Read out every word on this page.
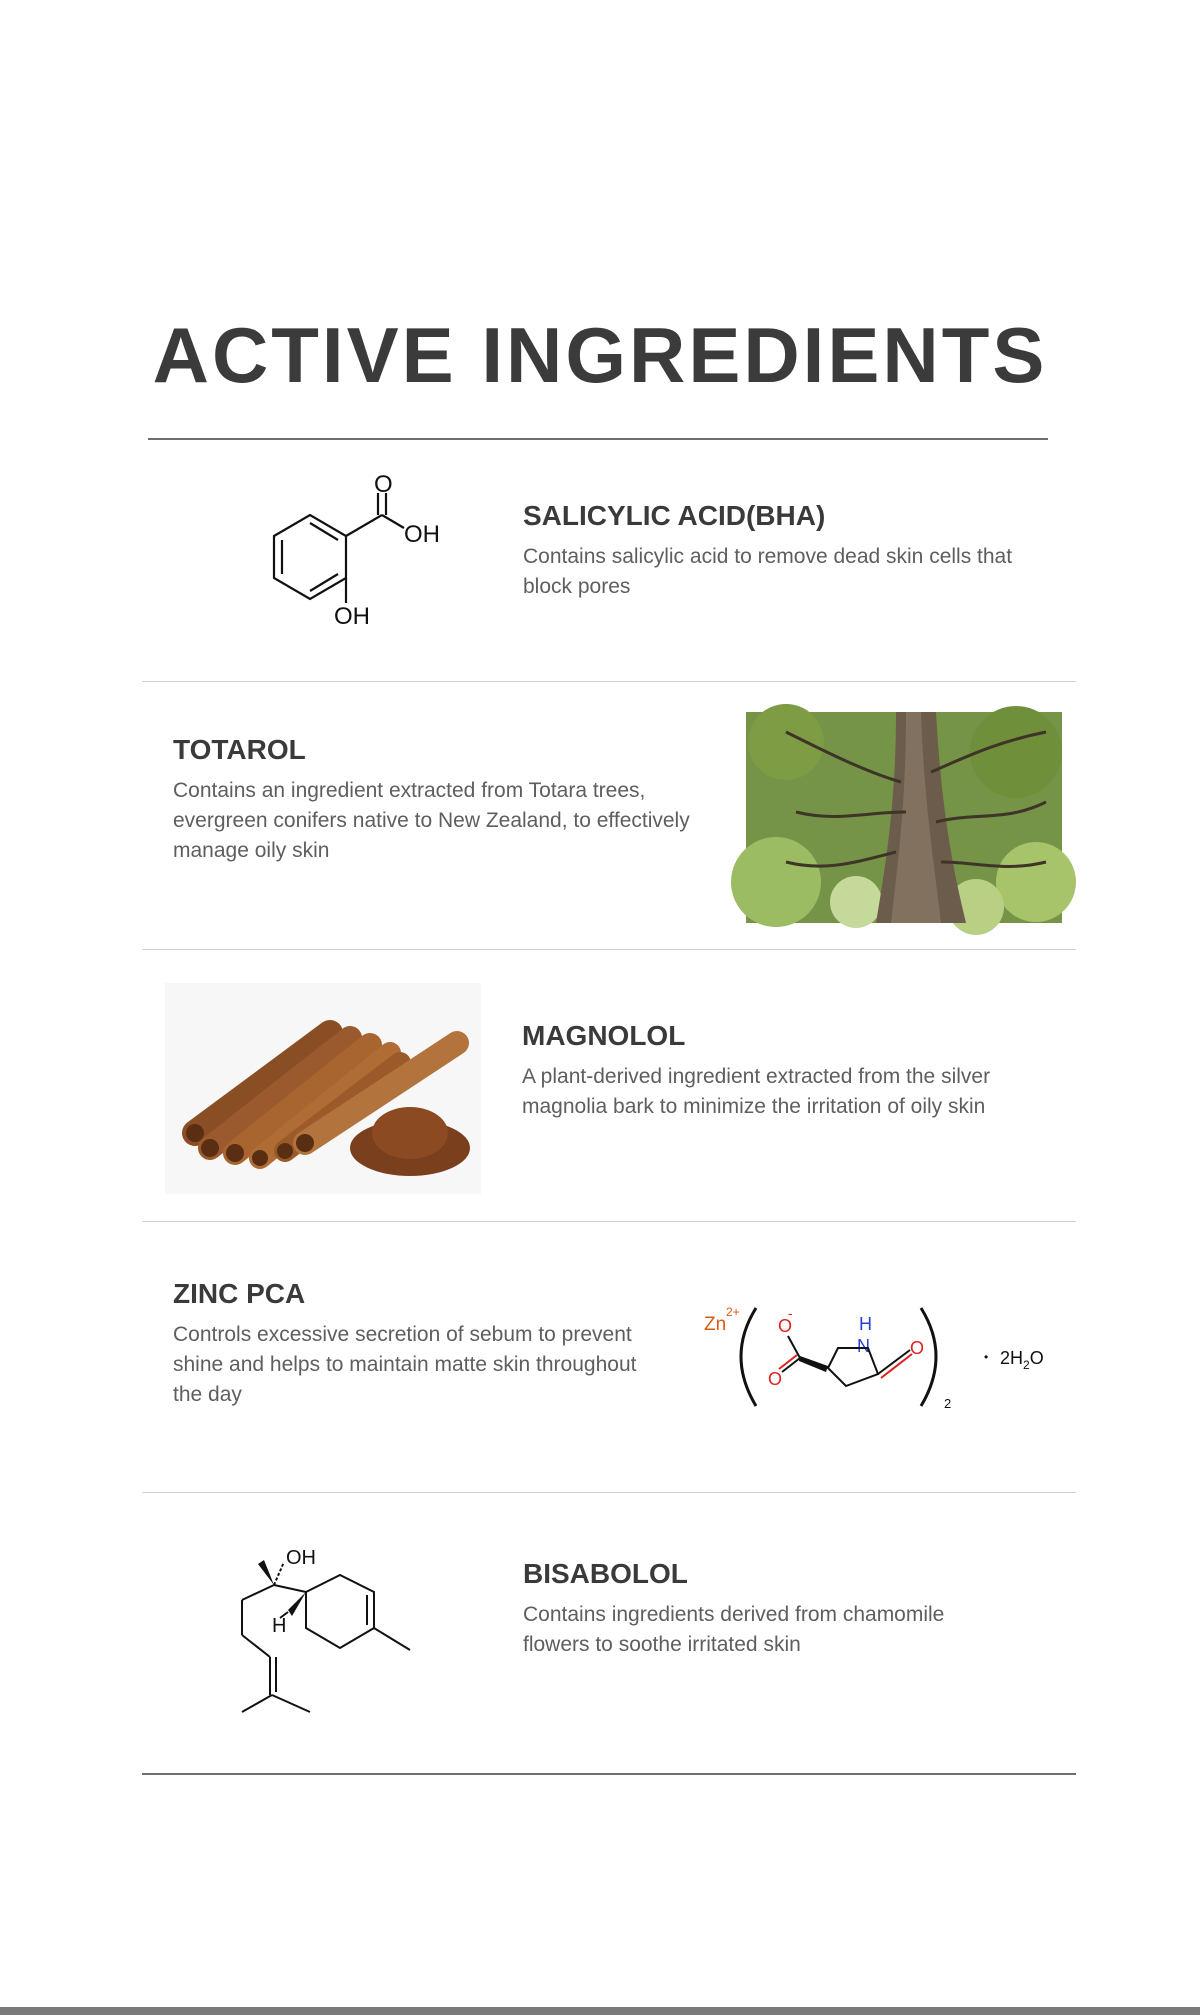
ACTIVE INGREDIENTS
O
OH
OH
SALICYLIC ACID(BHA)
Contains salicylic acid to remove dead skin cells that block pores
TOTAROL
Contains an ingredient extracted from Totara trees, evergreen conifers native to New Zealand, to effectively manage oily skin
MAGNOLOL
A plant-derived ingredient extracted from the silver magnolia bark to minimize the irritation of oily skin
ZINC PCA
Controls excessive secretion of sebum to prevent shine and helps to maintain matte skin throughout the day
Zn
2+
O
-
O
H
N O
2
• $2H_2O$
OH
H
BISABOLOL
Contains ingredients derived from chamomile flowers to soothe irritated skin
